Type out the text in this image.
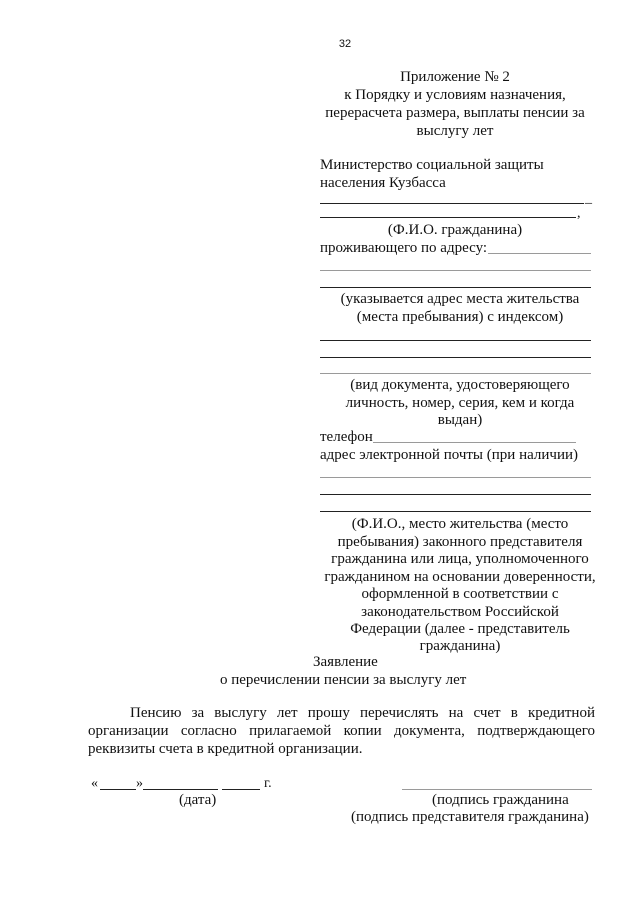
32
Приложение № 2
к Порядку и условиям назначения,
перерасчета размера, выплаты пенсии за
выслугу лет
Министерство социальной защиты
населения Кузбасса
_
,
(Ф.И.О. гражданина)
проживающего по адресу:
(указывается адрес места жительства
(места пребывания) с индексом)
(вид документа, удостоверяющего
личность, номер, серия, кем и когда
выдан)
телефон
адрес электронной почты (при наличии)
(Ф.И.О., место жительства (место
пребывания) законного представителя
гражданина или лица, уполномоченного
гражданином на основании доверенности,
оформленной в соответствии с
законодательством Российской
Федерации (далее - представитель
гражданина)
Заявление
о перечислении пенсии за выслугу лет
Пенсию за выслугу лет прошу перечислять на счет в кредитной организации согласно прилагаемой копии документа, подтверждающего реквизиты счета в кредитной организации.
«	»	г.
(дата)	(подпись гражданина
(подпись представителя гражданина)
